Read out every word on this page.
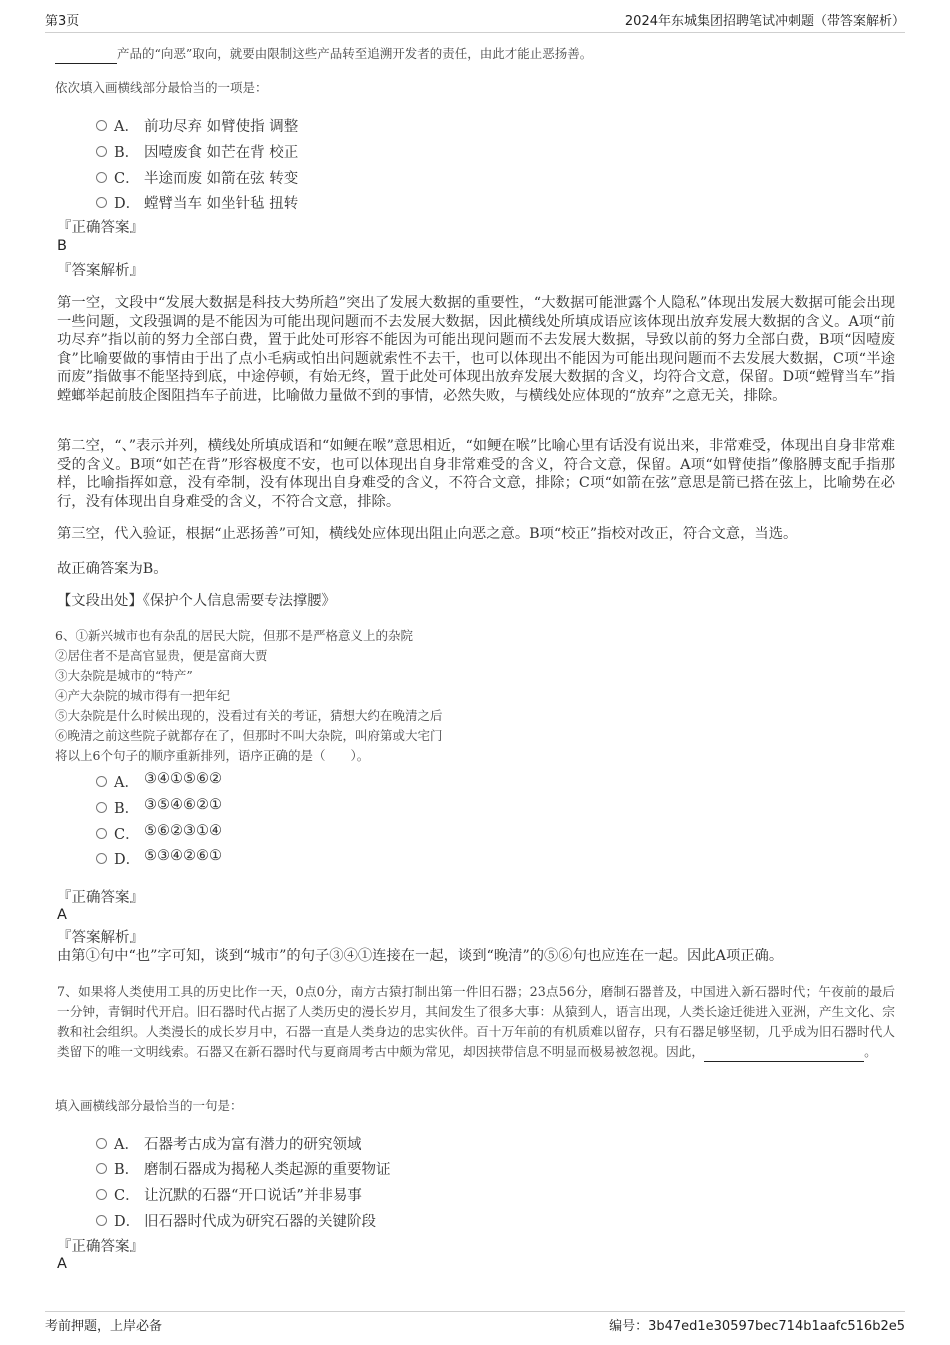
第3页	2024年东城集团招聘笔试冲刺题（带答案解析）
产品的“向恶”取向，就要由限制这些产品转至追溯开发者的责任，由此才能止恶扬善。
依次填入画横线部分最恰当的一项是：
A． 前功尽弃 如臂使指 调整
B． 因噎废食 如芒在背 校正
C． 半途而废 如箭在弦 转变
D． 螳臂当车 如坐针毡 扭转
『正确答案』
B
『答案解析』
第一空，文段中“发展大数据是科技大势所趋”突出了发展大数据的重要性，“大数据可能泄露个人隐私”体现出发展大数据可能会出现一些问题，文段强调的是不能因为可能出现问题而不去发展大数据，因此横线处所填成语应该体现出放弃发展大数据的含义。A项“前功尽弃”指以前的努力全部白费，置于此处可形容不能因为可能出现问题而不去发展大数据，导致以前的努力全部白费，B项“因噎废食”比喻要做的事情由于出了点小毛病或怕出问题就索性不去干，也可以体现出不能因为可能出现问题而不去发展大数据，C项“半途而废”指做事不能坚持到底，中途停顿，有始无终，置于此处可体现出放弃发展大数据的含义，均符合文意，保留。D项“螳臂当车”指螳螂举起前肢企图阻挡车子前进，比喻做力量做不到的事情，必然失败，与横线处应体现的“放弃”之意无关，排除。
第二空，“、”表示并列，横线处所填成语和“如鲠在喉”意思相近，“如鲠在喉”比喻心里有话没有说出来，非常难受，体现出自身非常难受的含义。B项“如芒在背”形容极度不安，也可以体现出自身非常难受的含义，符合文意，保留。A项“如臂使指”像胳膊支配手指那样，比喻指挥如意，没有牵制，没有体现出自身难受的含义，不符合文意，排除；C项“如箭在弦”意思是箭已搭在弦上，比喻势在必行，没有体现出自身难受的含义，不符合文意，排除。
第三空，代入验证，根据“止恶扬善”可知，横线处应体现出阻止向恶之意。B项“校正”指校对改正，符合文意，当选。
故正确答案为B。
【文段出处】《保护个人信息需要专法撑腰》
6、①新兴城市也有杂乱的居民大院，但那不是严格意义上的杂院
②居住者不是高官显贵，便是富商大贾
③大杂院是城市的“特产”
④产大杂院的城市得有一把年纪
⑤大杂院是什么时候出现的，没看过有关的考证，猜想大约在晚清之后
⑥晚清之前这些院子就都存在了，但那时不叫大杂院，叫府第或大宅门
将以上6个句子的顺序重新排列，语序正确的是（　　）。
A． ③④①⑤⑥②
B． ③⑤④⑥②①
C． ⑤⑥②③①④
D． ⑤③④②⑥①
『正确答案』
A
『答案解析』
由第①句中“也”字可知，谈到“城市”的句子③④①连接在一起，谈到“晚清”的⑤⑥句也应连在一起。因此A项正确。
7、如果将人类使用工具的历史比作一天，0点0分，南方古猿打制出第一件旧石器；23点56分，磨制石器普及，中国进入新石器时代；午夜前的最后一分钟，青铜时代开启。旧石器时代占据了人类历史的漫长岁月，其间发生了很多大事：从猿到人，语言出现，人类长途迁徙进入亚洲，产生文化、宗教和社会组织。人类漫长的成长岁月中，石器一直是人类身边的忠实伙伴。百十万年前的有机质难以留存，只有石器足够坚韧，几乎成为旧石器时代人类留下的唯一文明线索。石器又在新石器时代与夏商周考古中颇为常见，却因挟带信息不明显而极易被忽视。因此，	。
填入画横线部分最恰当的一句是：
A． 石器考古成为富有潜力的研究领域
B． 磨制石器成为揭秘人类起源的重要物证
C． 让沉默的石器“开口说话”并非易事
D． 旧石器时代成为研究石器的关键阶段
『正确答案』
A
考前押题，上岸必备	编号：3b47ed1e30597bec714b1aafc516b2e5
